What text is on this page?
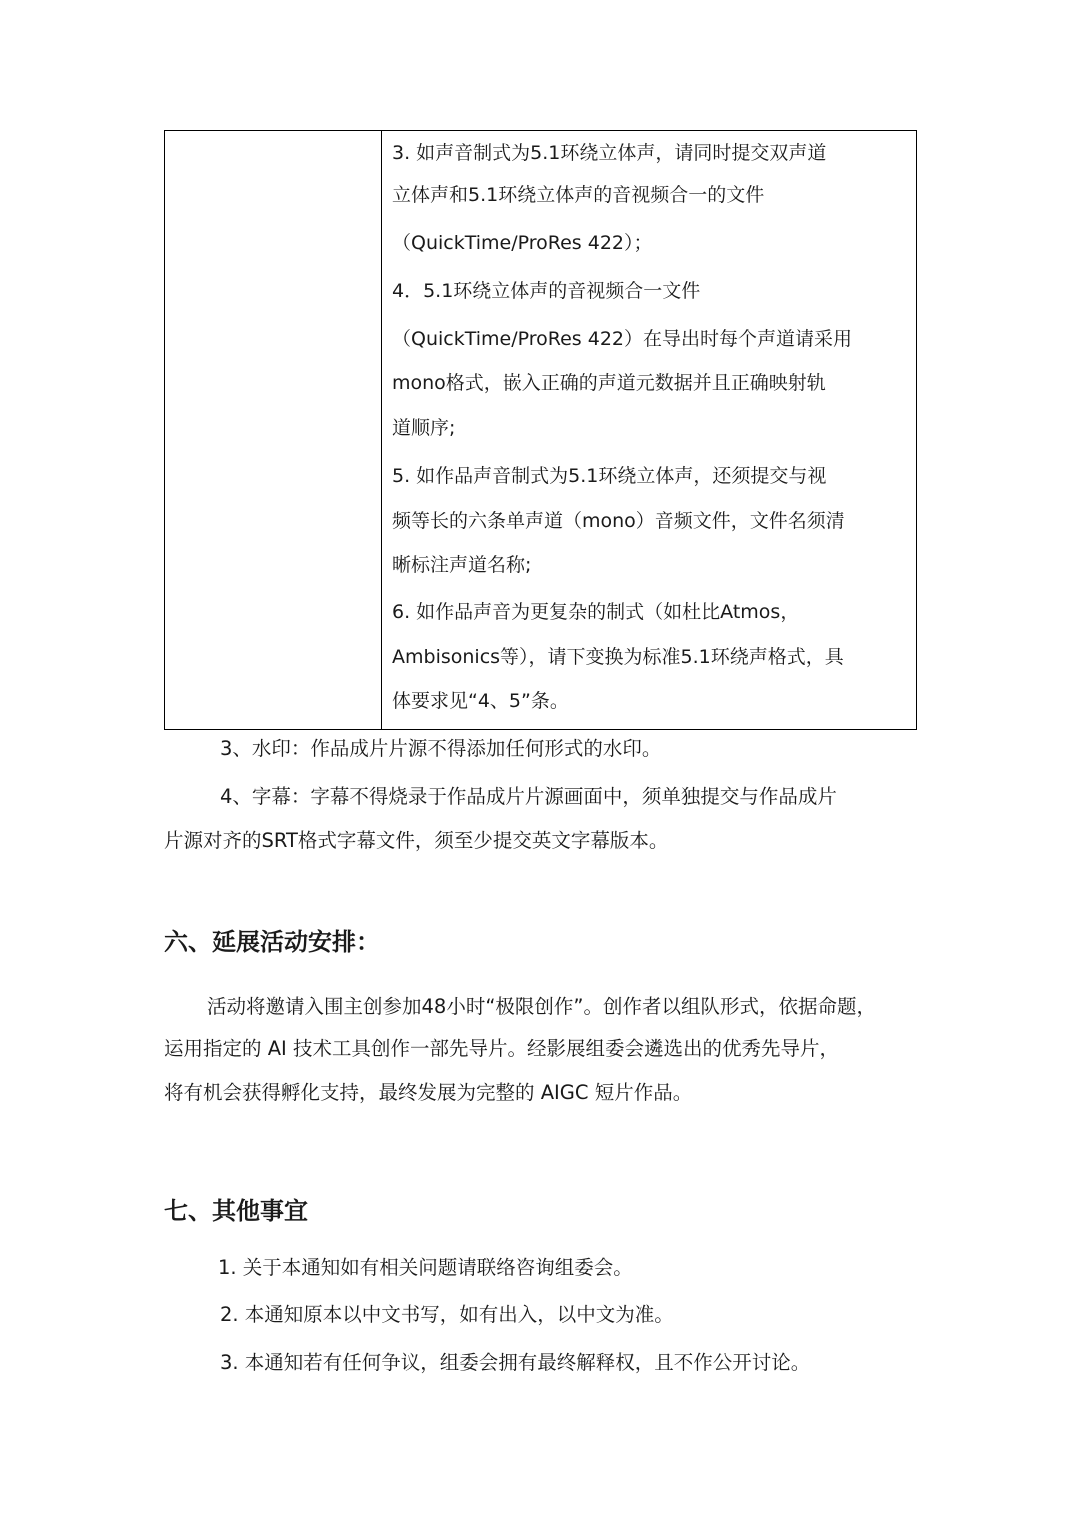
3. 如声音制式为5.1环绕立体声，请同时提交双声道
立体声和5.1环绕立体声的音视频合一的文件
（QuickTime/ProRes 422）；
4．5.1环绕立体声的音视频合一文件
（QuickTime/ProRes 422）在导出时每个声道请采用
mono格式，嵌入正确的声道元数据并且正确映射轨
道顺序;
5. 如作品声音制式为5.1环绕立体声，还须提交与视
频等长的六条单声道（mono）音频文件，文件名须清
晰标注声道名称;
6. 如作品声音为更复杂的制式（如杜比Atmos，
Ambisonics等），请下变换为标准5.1环绕声格式，具
体要求见“4、5”条。
3、水印：作品成片片源不得添加任何形式的水印。
4、字幕：字幕不得烧录于作品成片片源画面中，须单独提交与作品成片
片源对齐的SRT格式字幕文件，须至少提交英文字幕版本。
六、延展活动安排：
活动将邀请入围主创参加48小时“极限创作”。创作者以组队形式，依据命题，
运用指定的 AI 技术工具创作一部先导片。经影展组委会遴选出的优秀先导片，
将有机会获得孵化支持，最终发展为完整的 AIGC 短片作品。
七、其他事宜
1. 关于本通知如有相关问题请联络咨询组委会。
2. 本通知原本以中文书写，如有出入，以中文为准。
3. 本通知若有任何争议，组委会拥有最终解释权，且不作公开讨论。
